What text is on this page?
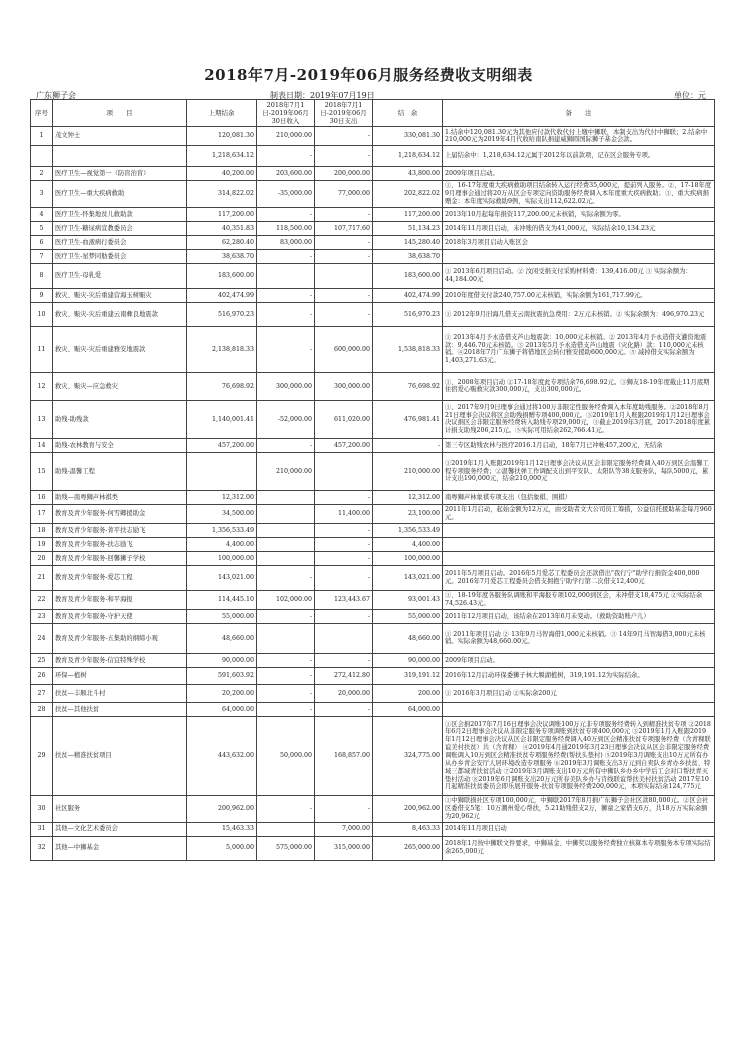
2018年7月-2019年06月服务经费收支明细表
广东狮子会	制表日期：2019年07月19日	单位：元
序号	项　　目	上期结余	2018年7月1日-2019年06月30日收入	2018年7月1日-2019年06月30日支出	结　余	备　　注
1	茂文钟士	120,081.30	210,000.00	-	330,081.30	1.结余中120,081.30元为其他应付款代收代付上缴中狮联，本制支出为代付中狮联；2.结余中210,000元为2019年4月代收哈南队捐建威狮圆国际狮子基金会款。
		1,218,634.12	-	-	1,218,634.12	上届结余中：1,218,634.12元属于2012年以前款项，记在区会服务专项。
2	医疗卫生—视觉第一（防盲治盲）	40,200.00	203,600.00	200,000.00	43,800.00	2009年项目启动。
3	医疗卫生—重大疾病救助	314,822.02	-35,000.00	77,000.00	202,822.02	①、16-17年度重大疾病救助项目结余转入运行经费35,000元，提前列入服务。②、17-18年度9月理事会通过将20万从区会专项定向资助服务经费调入本年度重大疾病救助；③、重大疾病捐赠金：本年度实际救助9例，实际支出112,622.02元。
4	医疗卫生-怀集地贫儿救助款	117,200.00	-	-	117,200.00	2013年10月起每年捐资117,200.00元未核销，实际余额为零。
5	医疗卫生-糖尿病宣教委员会	40,351.83	118,500.00	107,717.60	51,134.23	2014年11月项目启动，未冲账的借支为41,000元，实际结余10,134.23元
6	医疗卫生-血液病行委员会	62,280.40	83,000.00	-	145,280.40	2018年3月项目启动入账区会
7	医疗卫生-星梦同舫委员会	38,638.70	-	-	38,638.70	
8	医疗卫生-母乳爱	183,600.00			183,600.00	① 2013年6月项目启动。② 汶闲受捐支付采购材料费：139,416.00元 ③ 实际余额为：44,184.00元
9	救灾、赈灾-灾后重建营海玉树赈灾	402,474.99	-	-	402,474.99	2010年度借支付款240,757.00元未核销，实际余额为161,717.99元。
10	救灾、赈灾-灾后重建云南彝良地震款	516,970.23	-	-	516,970.23	① 2012年9月旧海几借支云南抗震抗急费用：2万元未核销。② 实际余额为：496,970.23元
11	救灾、赈灾-灾后重建雅安地震款	2,138,818.33	-	600,000.00	1,538,818.33	① 2013年4月予永造借支芦山地震款：10,000元未核销。② 2013年4月予永造借支灌资地震款：9,446.70元未核销。③ 2013年5月予永造借支芦山地震（灾化路）款：110,000元未核销。④2018年7月广东狮子将借地区会转付雅安援助600,000元。⑤ 减掉借支实际余额为1,403,271.63元。
12	救灾、赈灾—应急救灾	76,698.92	300,000.00	300,000.00	76,698.92	①、2008年项目启动 ②17-18年度此专项结余76,698.92元。③狮友18-19年度截止11月底期住宿爱心赈救灾款300,000元，支出300,000元。
13	助残-助残款	1,140,001.41	-52,000.00	611,020.00	476,981.41	①、2017年9月9日理事会通过将100万非限定性服务经费调入本年度助残服务。②2018年8月21日理事会决议将区会助残捐赠专项400,000元。③2019年1月入账跟2019年1月12日理事会决议捐区会非限定服务经费转入助残专项29,000元，③截止2019年3月底，2017-2018年度累计捐支助残206,215元。⑤实际可用结余262,766.41元。
14	助残-农林教育与安全	457,200.00	-	457,200.00	-	第三专区助残农林与医疗2016.1月启动，18年7月已冲帐457,200元，无结余
15	助残-温馨工程		210,000.00		210,000.00	①2019年1月入账跟2019年1月12日理事会决议从区会非限定服务经费调入40万到区会温馨工程专项服务经费；②温馨扶弹工作调配支出到平安队、太阳队等38支服务队，每队5000元，累计支出190,000元，结余210,000元
16	助残—南粤狮声林祺类	12,312.00		-	12,312.00	南粤狮声林象祺专项支出（包括象棋、围棋）
17	教育及青少年服务-何雪卿援助金	34,500.00		11,400.00	23,100.00	2011年1月启动，起始金额为12万元，由受助者文大公司员工筹措，公益信托援助基金每月960元。
18	教育及青少年服务-菁平扶志励飞	1,356,533.49		-	1,356,533.49	
19	教育及青少年服务-扶志励飞	4,400.00		-	4,400.00	
20	教育及青少年服务-回馨狮子学校	100,000.00		-	100,000.00	
21	教育及青少年服务-爱芯工程	143,021.00	-	-	143,021.00	2011年5月项目启动。2016年5月爱芯工程委员会还款借出"我行宁"助学行捐资金400,000元。2016年7月爱芯工程委员会借支拥抱宁助学行第二次借支12,400元
22	教育及青少年服务-和平海报	114,445.10	102,000.00	123,443.67	93,001.43	①、18-19年度各服务队调账和平海报专项102,000到区会，未冲借支18,475元 ②实际结余74,526.43元。
23	教育及青少年服务-守护天使	55,000.00	-	-	55,000.00	2011年12月项目启动，该结余在2013年6月未变动。（救助资助账户儿）
24	教育及青少年服务-五集助的纲缔小观	48,660.00			48,660.00	① 2011年项目启动 ② 13年9月马智海借1,000元未核销。③ 14年9月马智海借3,000元未核销。实际余额为48,660.00元。
25	教育及青少年服务-信宜特殊学校	90,000.00	-	-	90,000.00	2009年项目启动。
26	环保—植树	591,603.92	-	272,412.80	319,191.12	2016年12月启动环保委狮子林大堰湖植树，319,191.12为实际结余。
27	扶贫—丰顺北斗村	20,200.00	-	20,000.00	200.00	① 2016年3月项目启动 ②实际余200元
28	扶贫—其他扶贫	64,000.00	-	-	64,000.00	
29	扶贫—精准扶贫项目	443,632.00	50,000.00	168,857.00	324,775.00	①区会捐2017年7月16日理事会决议调账100万元非专项服务经费转入到精准扶贫专项 ②2018年6月2日理事会决议从非限定服务专项调账到扶贫专项400,000元 ③2019年1月入账跟2019年1月12日理事会决议从区会非限定服务经费调入40万到区会精准扶贫专项服务经费（含青稞联谊美村扶贫）共（含青稞） ④2019年4月通2019年3月23日理事会决议从区会非限定服务经费调账调入10万到区会精准扶贫专项服务经费(帮扶头垫村) ⑤2019年3月调账支出10万元所有办从办乡青会安厅人居环境改造专项服务 ⑥2019年3月调账支出3万元到自卖队乡青办乡扶贫、特域三都域青扶贫活动 ⑦2019年3月调账支出10万元所有中狮队乡办乡中学后工会对口帮扶青灭垫村活动 ⑧2019年6月调账支出20万元所春美队乡办与肯线联谊帮扶美村扶贫活动 2017年10月起精准扶贫委员会即乐展开服务-扶贫专项服务经费200,000元，本项实际结余124,775元
30	社区服务	200,962.00	-	-	200,962.00	①中狮联损社区专项100,000元，中狮联2017年8月捐广东狮子会社区款80,000元。②区会社区委借支5笔：10万潮州爱心帮扶，5.21助残借支2万，狮童之家借支6万，共18万万实际余额为20,962元
31	其他—文化艺术委员会	15,463.33		7,000.00	8,463.33	2014年11月项目启动
32	其他—中狮基金	5,000.00	575,000.00	315,000.00	265,000.00	2018年1月按中狮联文件要求，中狮基金、中狮奖以服务经费独立核算本专项服务本专项实际结余265,000元
